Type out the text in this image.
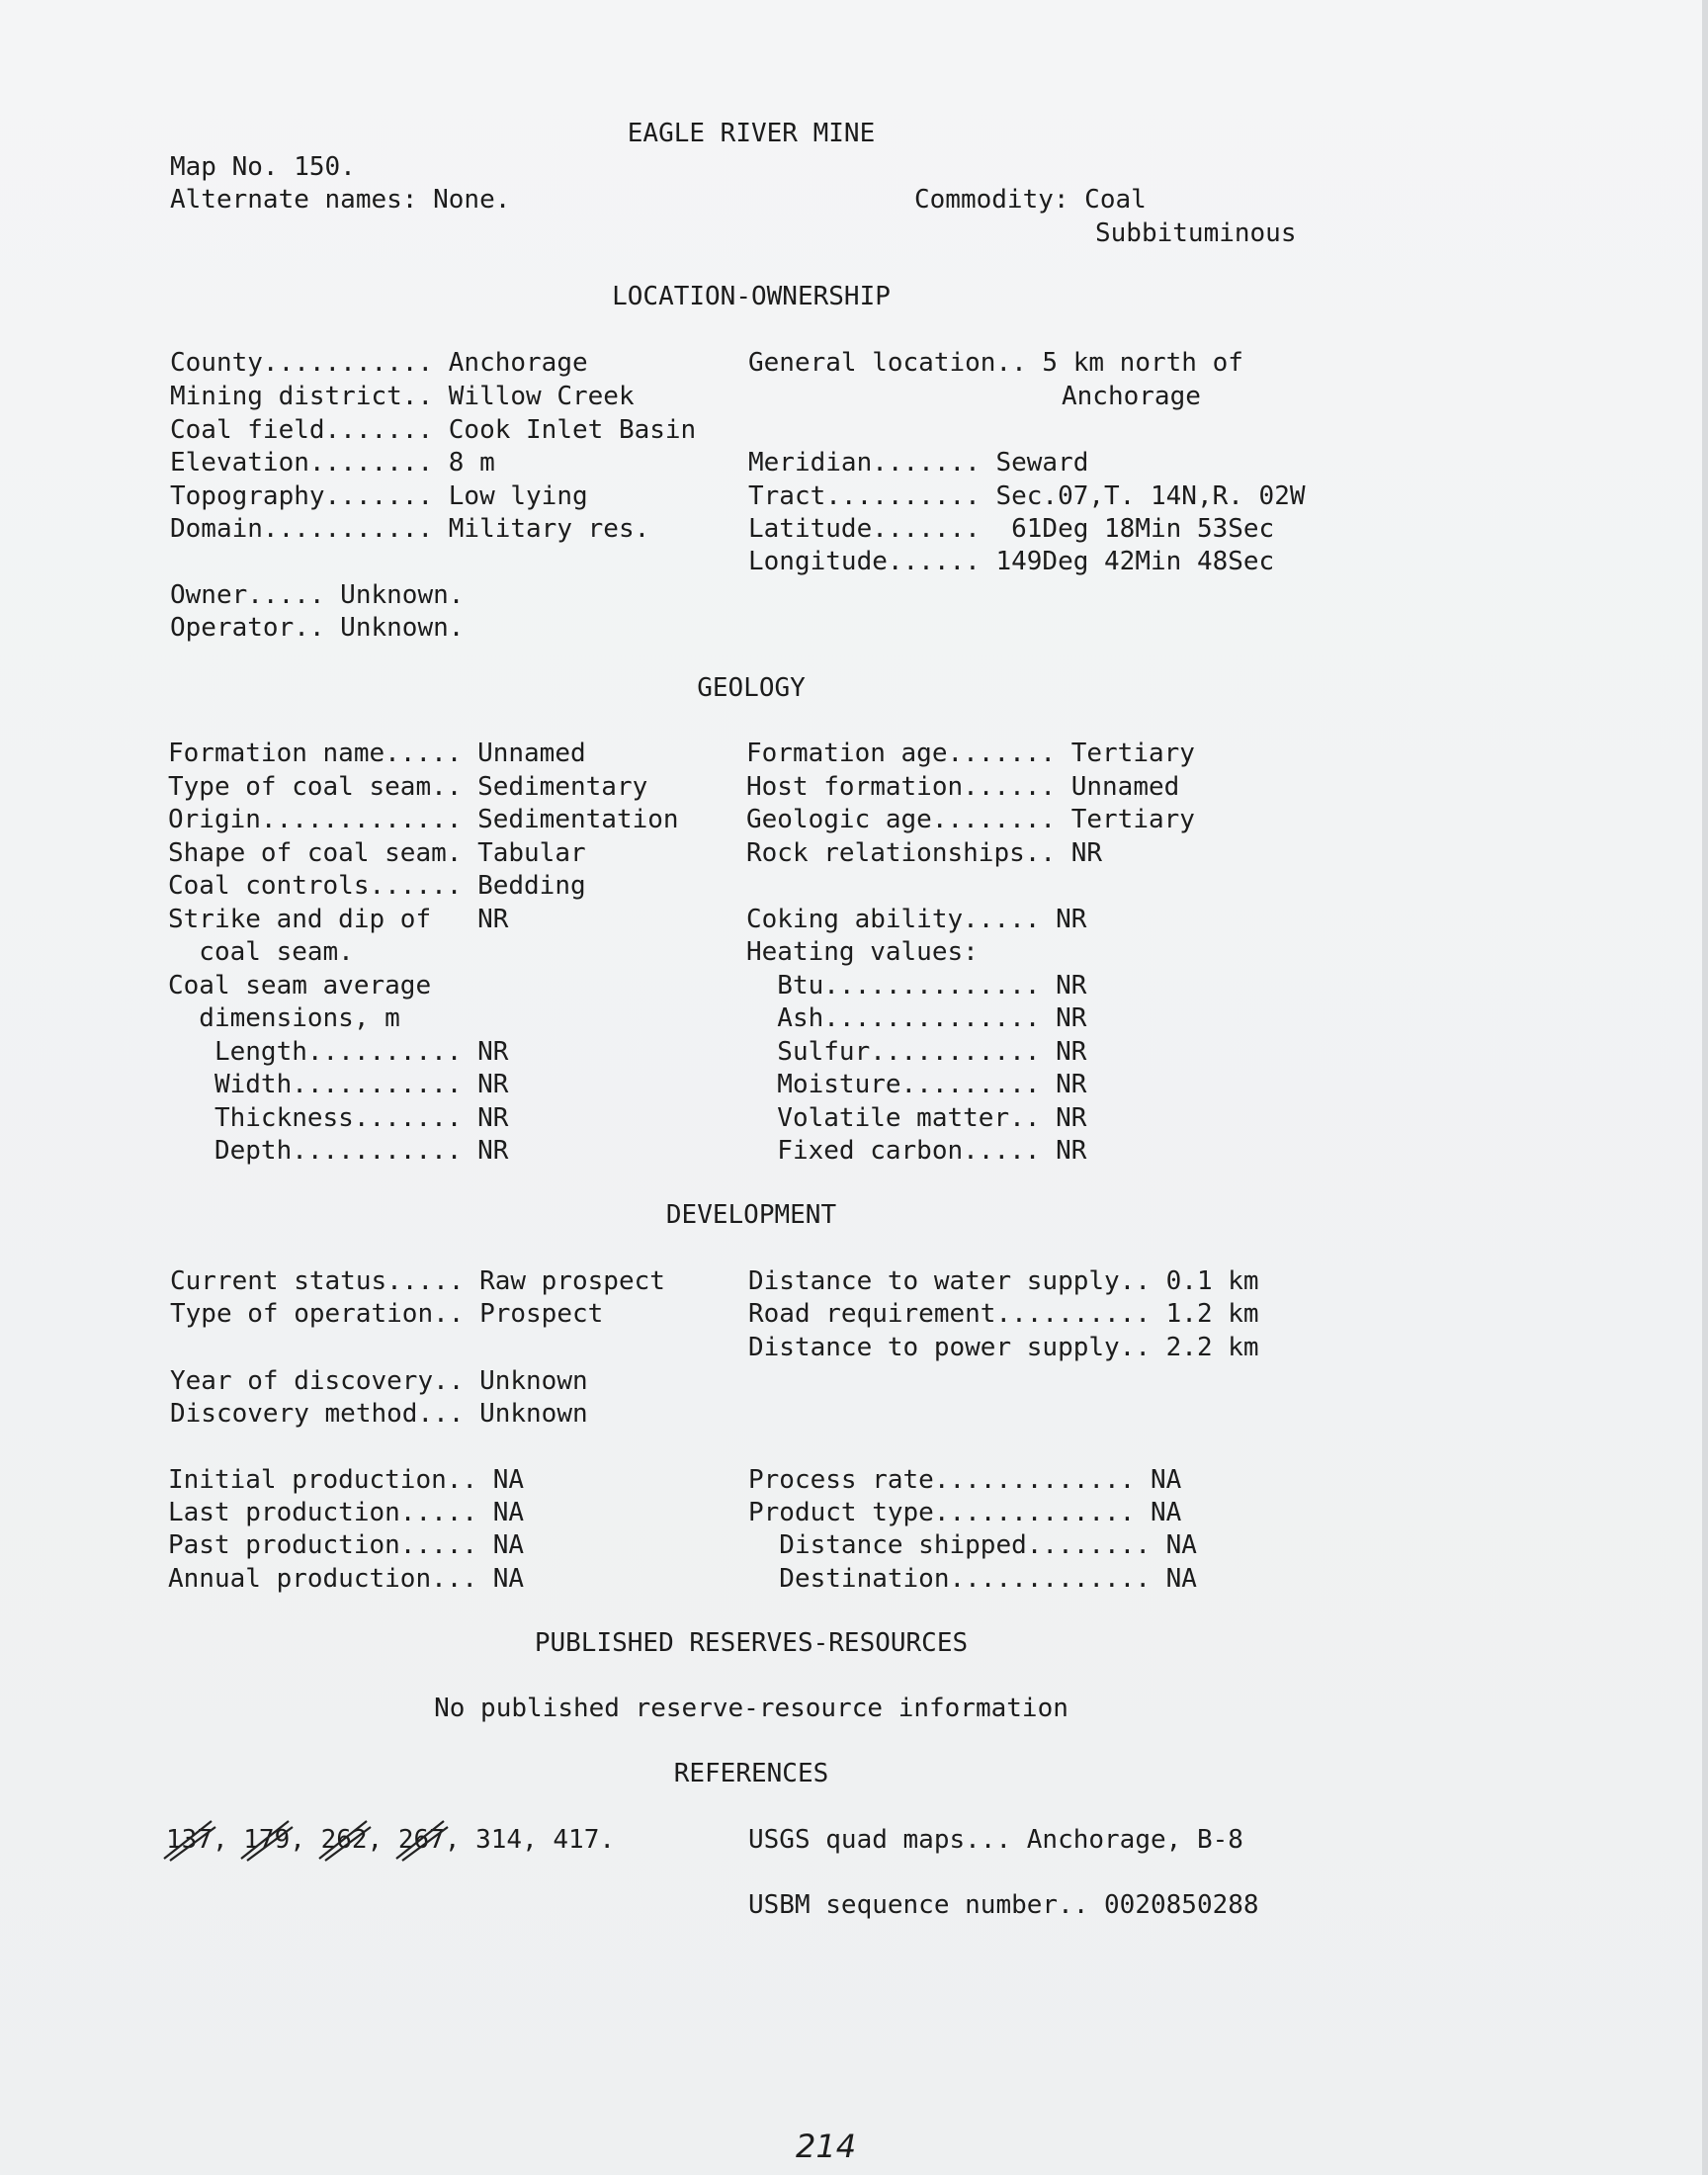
EAGLE RIVER MINE
Map No. 150.
Alternate names: None.	Commodity: Coal
Subbituminous
LOCATION-OWNERSHIP
County........... Anchorage
Mining district.. Willow Creek
Coal field....... Cook Inlet Basin
Elevation........ 8 m
Topography....... Low lying
Domain........... Military res.
General location.. 5 km north of
Anchorage
Meridian....... Seward
Tract.......... Sec.07,T. 14N,R. 02W
Latitude.......  61Deg 18Min 53Sec
Longitude...... 149Deg 42Min 48Sec
Owner..... Unknown.
Operator.. Unknown.
GEOLOGY
Formation name..... Unnamed
Type of coal seam.. Sedimentary
Origin............. Sedimentation
Shape of coal seam. Tabular
Coal controls...... Bedding
Strike and dip of   NR
coal seam.
Coal seam average
dimensions, m
Length.......... NR
Width........... NR
Thickness....... NR
Depth........... NR
Formation age....... Tertiary
Host formation...... Unnamed
Geologic age........ Tertiary
Rock relationships.. NR
Coking ability..... NR
Heating values:
Btu.............. NR
Ash.............. NR
Sulfur........... NR
Moisture......... NR
Volatile matter.. NR
Fixed carbon..... NR
DEVELOPMENT
Current status..... Raw prospect
Type of operation.. Prospect
Distance to water supply.. 0.1 km
Road requirement.......... 1.2 km
Distance to power supply.. 2.2 km
Year of discovery.. Unknown
Discovery method... Unknown
Initial production.. NA
Last production..... NA
Past production..... NA
Annual production... NA
Process rate............. NA
Product type............. NA
Distance shipped........ NA
Destination............. NA
PUBLISHED RESERVES-RESOURCES
No published reserve-resource information
REFERENCES
137
, 179
, 262
, 267
, 314, 417.	USGS quad maps... Anchorage, B-8
USBM sequence number.. 0020850288
214
